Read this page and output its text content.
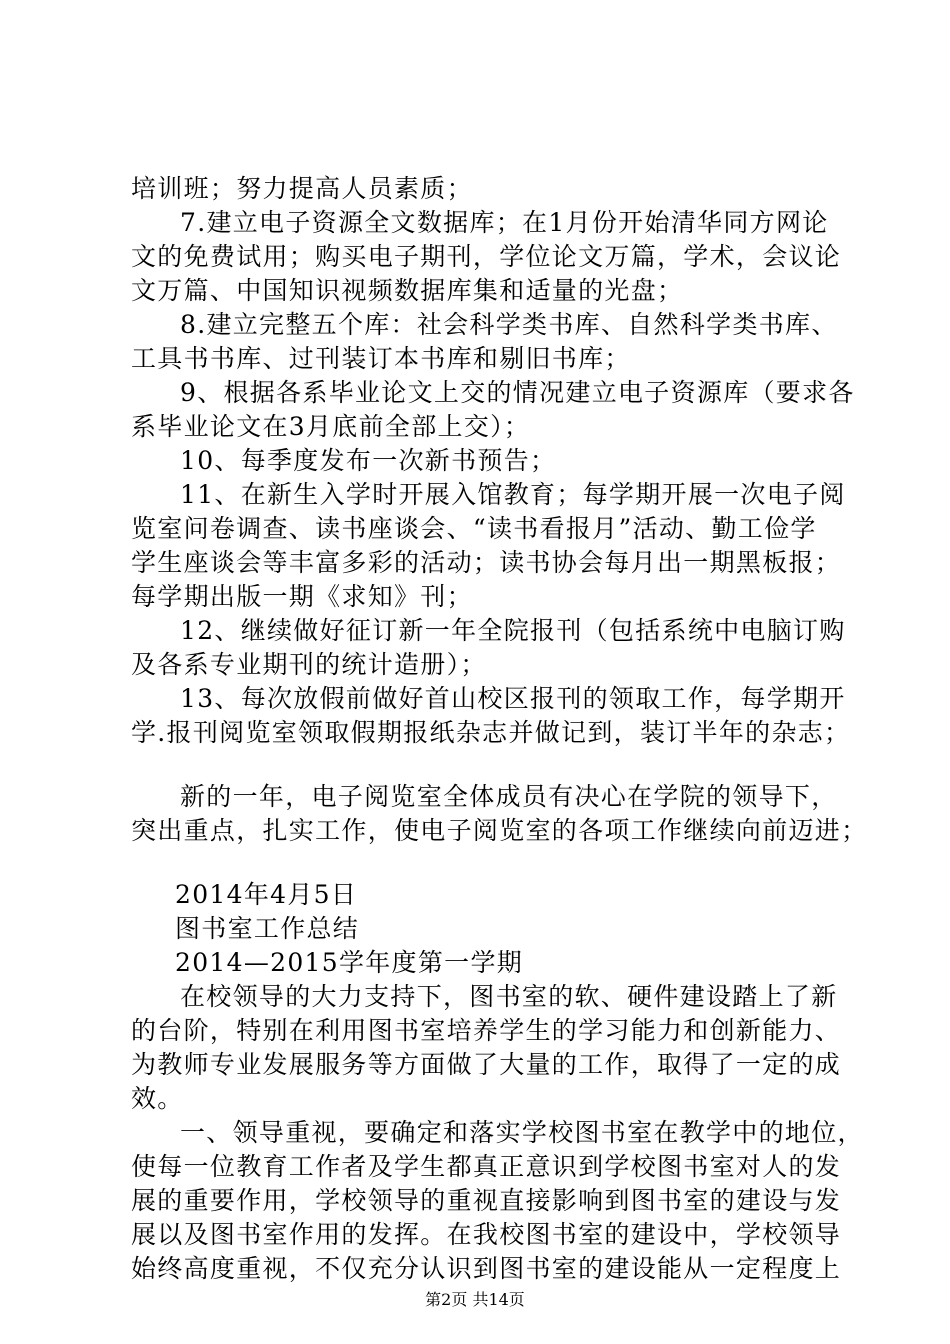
培训班；努力提高人员素质；
7.建立电子资源全文数据库；在1月份开始清华同方网论
文的免费试用；购买电子期刊，学位论文万篇，学术，会议论
文万篇、中国知识视频数据库集和适量的光盘；
8.建立完整五个库：社会科学类书库、自然科学类书库、
工具书书库、过刊装订本书库和剔旧书库；
9、根据各系毕业论文上交的情况建立电子资源库（要求各
系毕业论文在3月底前全部上交）；
10、每季度发布一次新书预告；
11、在新生入学时开展入馆教育；每学期开展一次电子阅
览室问卷调查、读书座谈会、“读书看报月”活动、勤工俭学
学生座谈会等丰富多彩的活动；读书协会每月出一期黑板报；
每学期出版一期《求知》刊；
12、继续做好征订新一年全院报刊（包括系统中电脑订购
及各系专业期刊的统计造册）；
13、每次放假前做好首山校区报刊的领取工作，每学期开
学.报刊阅览室领取假期报纸杂志并做记到，装订半年的杂志；
新的一年，电子阅览室全体成员有决心在学院的领导下，
突出重点，扎实工作，使电子阅览室的各项工作继续向前迈进；
2014年4月5日
图书室工作总结
2014—2015学年度第一学期
在校领导的大力支持下，图书室的软、硬件建设踏上了新
的台阶，特别在利用图书室培养学生的学习能力和创新能力、
为教师专业发展服务等方面做了大量的工作，取得了一定的成
效。
一、领导重视，要确定和落实学校图书室在教学中的地位，
使每一位教育工作者及学生都真正意识到学校图书室对人的发
展的重要作用，学校领导的重视直接影响到图书室的建设与发
展以及图书室作用的发挥。在我校图书室的建设中，学校领导
始终高度重视，不仅充分认识到图书室的建设能从一定程度上
第2页 共14页
